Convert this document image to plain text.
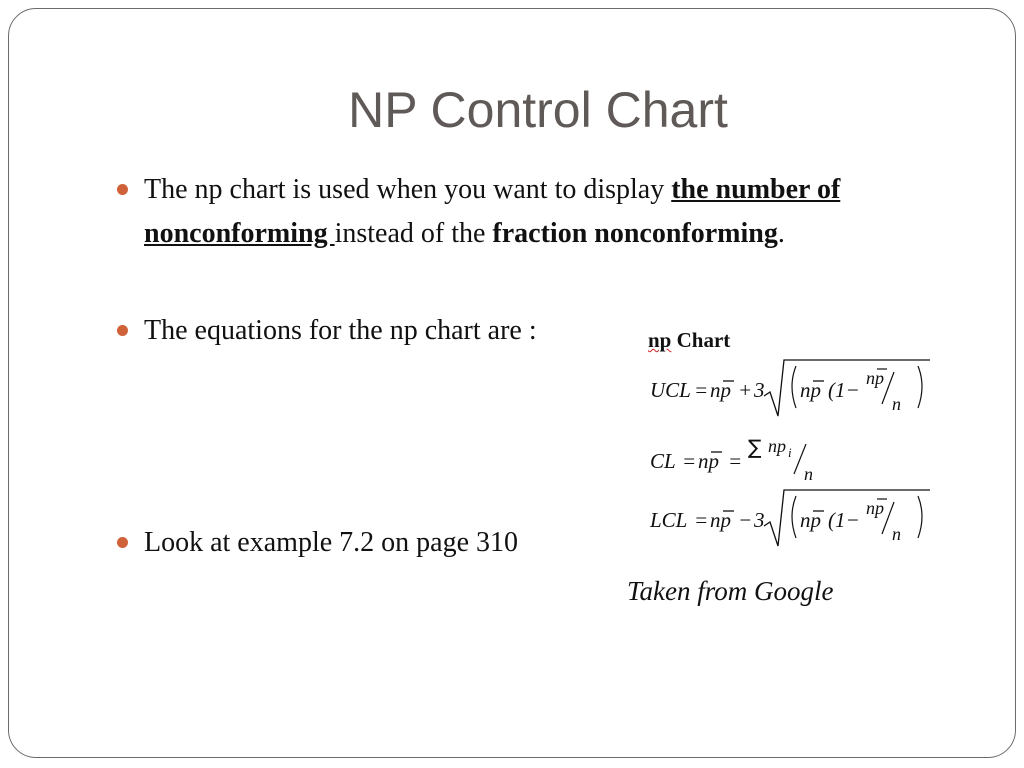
NP Control Chart
The np chart is used when you want to display the number of nonconforming instead of the fraction nonconforming.
The equations for the np chart are :
Look at example 7.2 on page 310
np Chart
UCL = np + 3 np (1− np
n
CL = np =
∑ np i
n
LCL = np − 3 np (1− np
n
Taken from Google
